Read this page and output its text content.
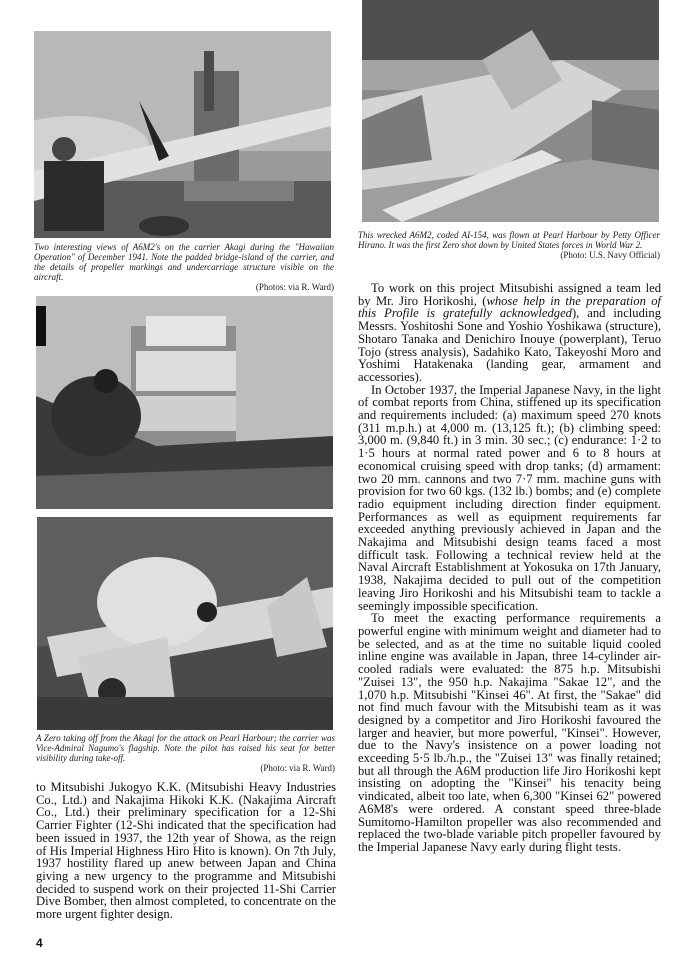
Two interesting views of A6M2's on the carrier Akagi during the "Hawaiian Operation" of December 1941. Note the padded bridge-island of the carrier, and the details of propeller markings and undercarriage structure visible on the aircraft.
(Photos: via R. Ward)
This wrecked A6M2, coded AI-154, was flown at Pearl Harbour by Petty Officer Hirano. It was the first Zero shot down by United States forces in World War 2.
(Photo: U.S. Navy Official)
A Zero taking off from the Akagi for the attack on Pearl Harbour; the carrier was Vice-Admiral Nagumo's flagship. Note the pilot has raised his seat for better visibility during take-off.
(Photo: via R. Ward)

to Mitsubishi Jukogyo K.K. (Mitsubishi Heavy Industries Co., Ltd.) and Nakajima Hikoki K.K. (Nakajima Aircraft Co., Ltd.) their preliminary specification for a 12-Shi Carrier Fighter (12-Shi indicated that the specification had been issued in 1937, the 12th year of Showa, as the reign of His Imperial Highness Hiro Hito is known). On 7th July, 1937 hostility flared up anew between Japan and China giving a new urgency to the programme and Mitsubishi decided to suspend work on their projected 11-Shi Carrier Dive Bomber, then almost completed, to concentrate on the more urgent fighter design.

To work on this project Mitsubishi assigned a team led by Mr. Jiro Horikoshi, (whose help in the preparation of this Profile is gratefully acknowledged), and including Messrs. Yoshitoshi Sone and Yoshio Yoshikawa (structure), Shotaro Tanaka and Denichiro Inouye (powerplant), Teruo Tojo (stress analysis), Sadahiko Kato, Takeyoshi Moro and Yoshimi Hatakenaka (landing gear, armament and accessories).

In October 1937, the Imperial Japanese Navy, in the light of combat reports from China, stiffened up its specification and requirements included: (a) maximum speed 270 knots (311 m.p.h.) at 4,000 m. (13,125 ft.); (b) climbing speed: 3,000 m. (9,840 ft.) in 3 min. 30 sec.; (c) endurance: 1·2 to 1·5 hours at normal rated power and 6 to 8 hours at economical cruising speed with drop tanks; (d) armament: two 20 mm. cannons and two 7·7 mm. machine guns with provision for two 60 kgs. (132 lb.) bombs; and (e) complete radio equipment including direction finder equipment. Performances as well as equipment requirements far exceeded anything previously achieved in Japan and the Nakajima and Mitsubishi design teams faced a most difficult task. Following a technical review held at the Naval Aircraft Establishment at Yokosuka on 17th January, 1938, Nakajima decided to pull out of the competition leaving Jiro Horikoshi and his Mitsubishi team to tackle a seemingly impossible specification.

To meet the exacting performance requirements a powerful engine with minimum weight and diameter had to be selected, and as at the time no suitable liquid cooled inline engine was available in Japan, three 14-cylinder air-cooled radials were evaluated: the 875 h.p. Mitsubishi "Zuisei 13", the 950 h.p. Nakajima "Sakae 12", and the 1,070 h.p. Mitsubishi "Kinsei 46". At first, the "Sakae" did not find much favour with the Mitsubishi team as it was designed by a competitor and Jiro Horikoshi favoured the larger and heavier, but more powerful, "Kinsei". However, due to the Navy's insistence on a power loading not exceeding 5·5 lb./h.p., the "Zuisei 13" was finally retained; but all through the A6M production life Jiro Horikoshi kept insisting on adopting the "Kinsei" his tenacity being vindicated, albeit too late, when 6,300 "Kinsei 62" powered A6M8's were ordered. A constant speed three-blade Sumitomo-Hamilton propeller was also recommended and replaced the two-blade variable pitch propeller favoured by the Imperial Japanese Navy early during flight tests.

4
